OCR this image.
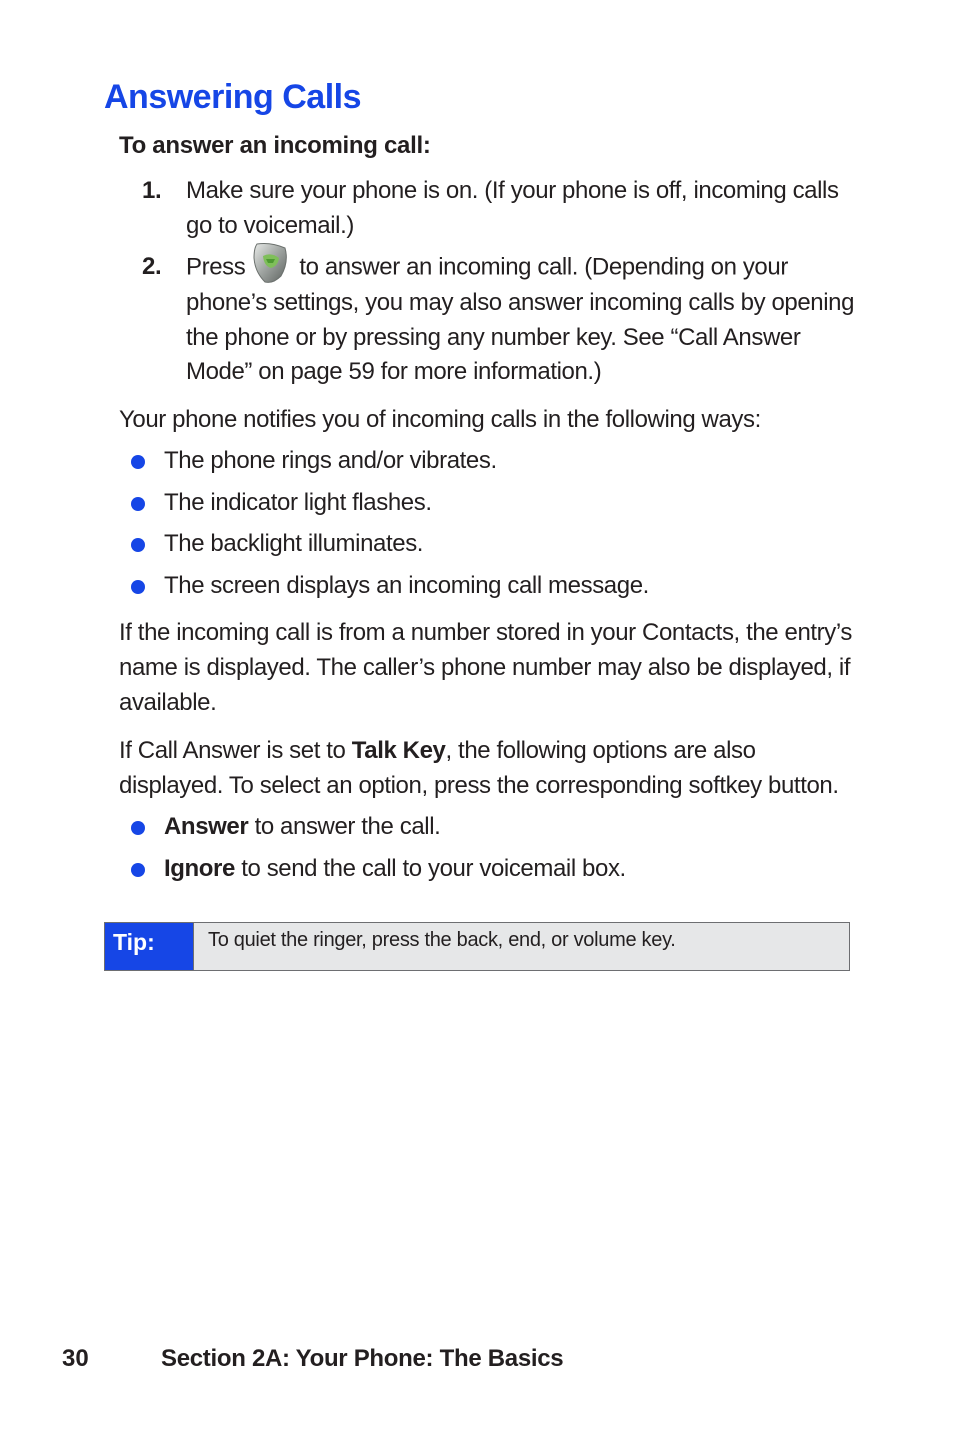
Answering Calls
To answer an incoming call:
1. Make sure your phone is on. (If your phone is off, incoming calls go to voicemail.)
2. Press to answer an incoming call. (Depending on your phone’s settings, you may also answer incoming calls by opening the phone or by pressing any number key. See “Call Answer Mode” on page 59 for more information.)

Your phone notifies you of incoming calls in the following ways:

The phone rings and/or vibrates.
The indicator light flashes.
The backlight illuminates.
The screen displays an incoming call message.

If the incoming call is from a number stored in your Contacts, the entry’s name is displayed. The caller’s phone number may also be displayed, if available.

If Call Answer is set to Talk Key, the following options are also displayed. To select an option, press the corresponding softkey button.

Answer to answer the call.
Ignore to send the call to your voicemail box.
Tip:	To quiet the ringer, press the back, end, or volume key.
30	Section 2A: Your Phone: The Basics
